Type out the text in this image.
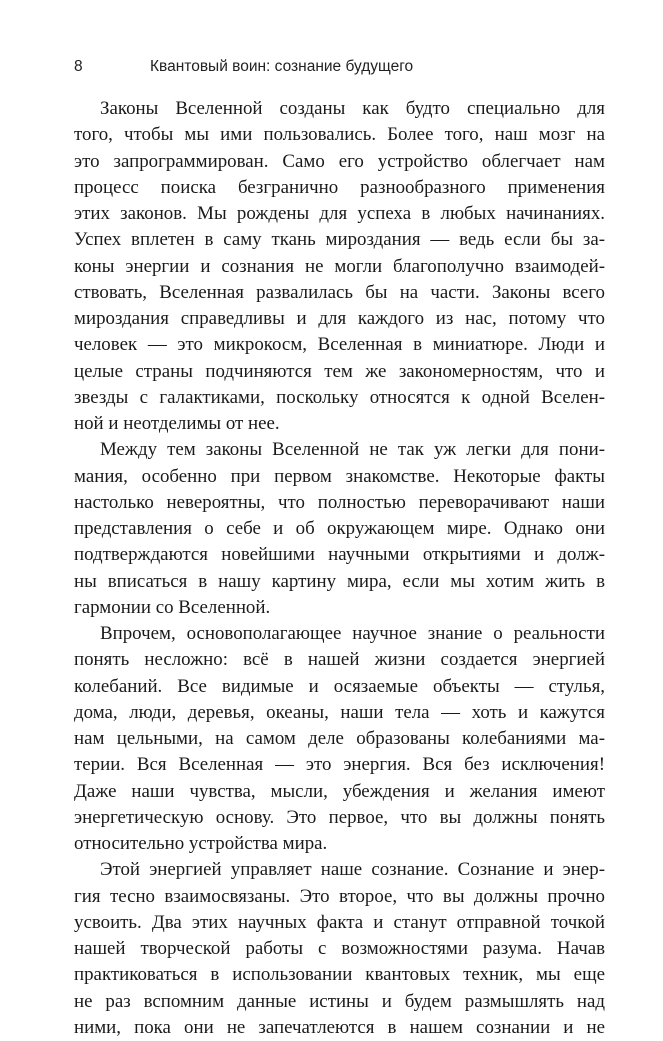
8	Квантовый воин: сознание будущего
Законы Вселенной созданы как будто специально для
того, чтобы мы ими пользовались. Более того, наш мозг на
это запрограммирован. Само его устройство облегчает нам
процесс поиска безгранично разнообразного применения
этих законов. Мы рождены для успеха в любых начинаниях.
Успех вплетен в саму ткань мироздания — ведь если бы за-
коны энергии и сознания не могли благополучно взаимодей-
ствовать, Вселенная развалилась бы на части. Законы всего
мироздания справедливы и для каждого из нас, потому что
человек — это микрокосм, Вселенная в миниатюре. Люди и
целые страны подчиняются тем же закономерностям, что и
звезды с галактиками, поскольку относятся к одной Вселен-
ной и неотделимы от нее.
Между тем законы Вселенной не так уж легки для пони-
мания, особенно при первом знакомстве. Некоторые факты
настолько невероятны, что полностью переворачивают наши
представления о себе и об окружающем мире. Однако они
подтверждаются новейшими научными открытиями и долж-
ны вписаться в нашу картину мира, если мы хотим жить в
гармонии со Вселенной.
Впрочем, основополагающее научное знание о реальности
понять несложно: всё в нашей жизни создается энергией
колебаний. Все видимые и осязаемые объекты — стулья,
дома, люди, деревья, океаны, наши тела — хоть и кажутся
нам цельными, на самом деле образованы колебаниями ма-
терии. Вся Вселенная — это энергия. Вся без исключения!
Даже наши чувства, мысли, убеждения и желания имеют
энергетическую основу. Это первое, что вы должны понять
относительно устройства мира.
Этой энергией управляет наше сознание. Сознание и энер-
гия тесно взаимосвязаны. Это второе, что вы должны прочно
усвоить. Два этих научных факта и станут отправной точкой
нашей творческой работы с возможностями разума. Начав
практиковаться в использовании квантовых техник, мы еще
не раз вспомним данные истины и будем размышлять над
ними, пока они не запечатлеются в нашем сознании и не
